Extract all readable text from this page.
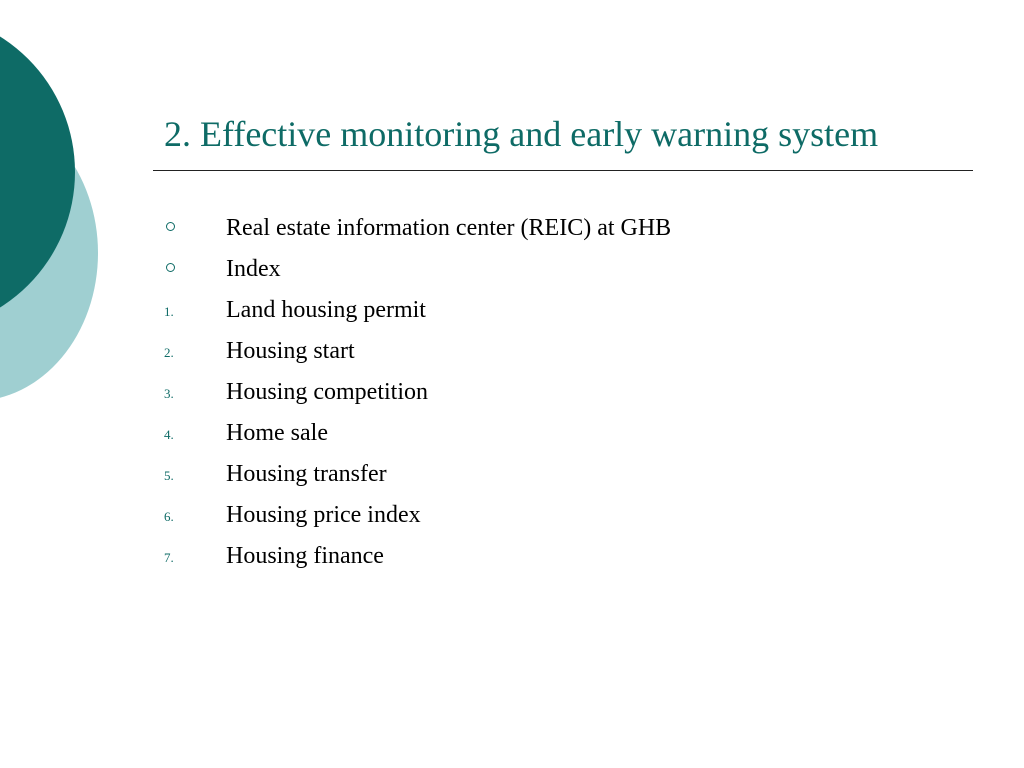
2. Effective monitoring and early warning system
Real estate information center (REIC) at GHB
Index
1.	Land housing permit
2.	Housing start
3.	Housing competition
4.	Home sale
5.	Housing transfer
6.	Housing price index
7.	Housing finance
